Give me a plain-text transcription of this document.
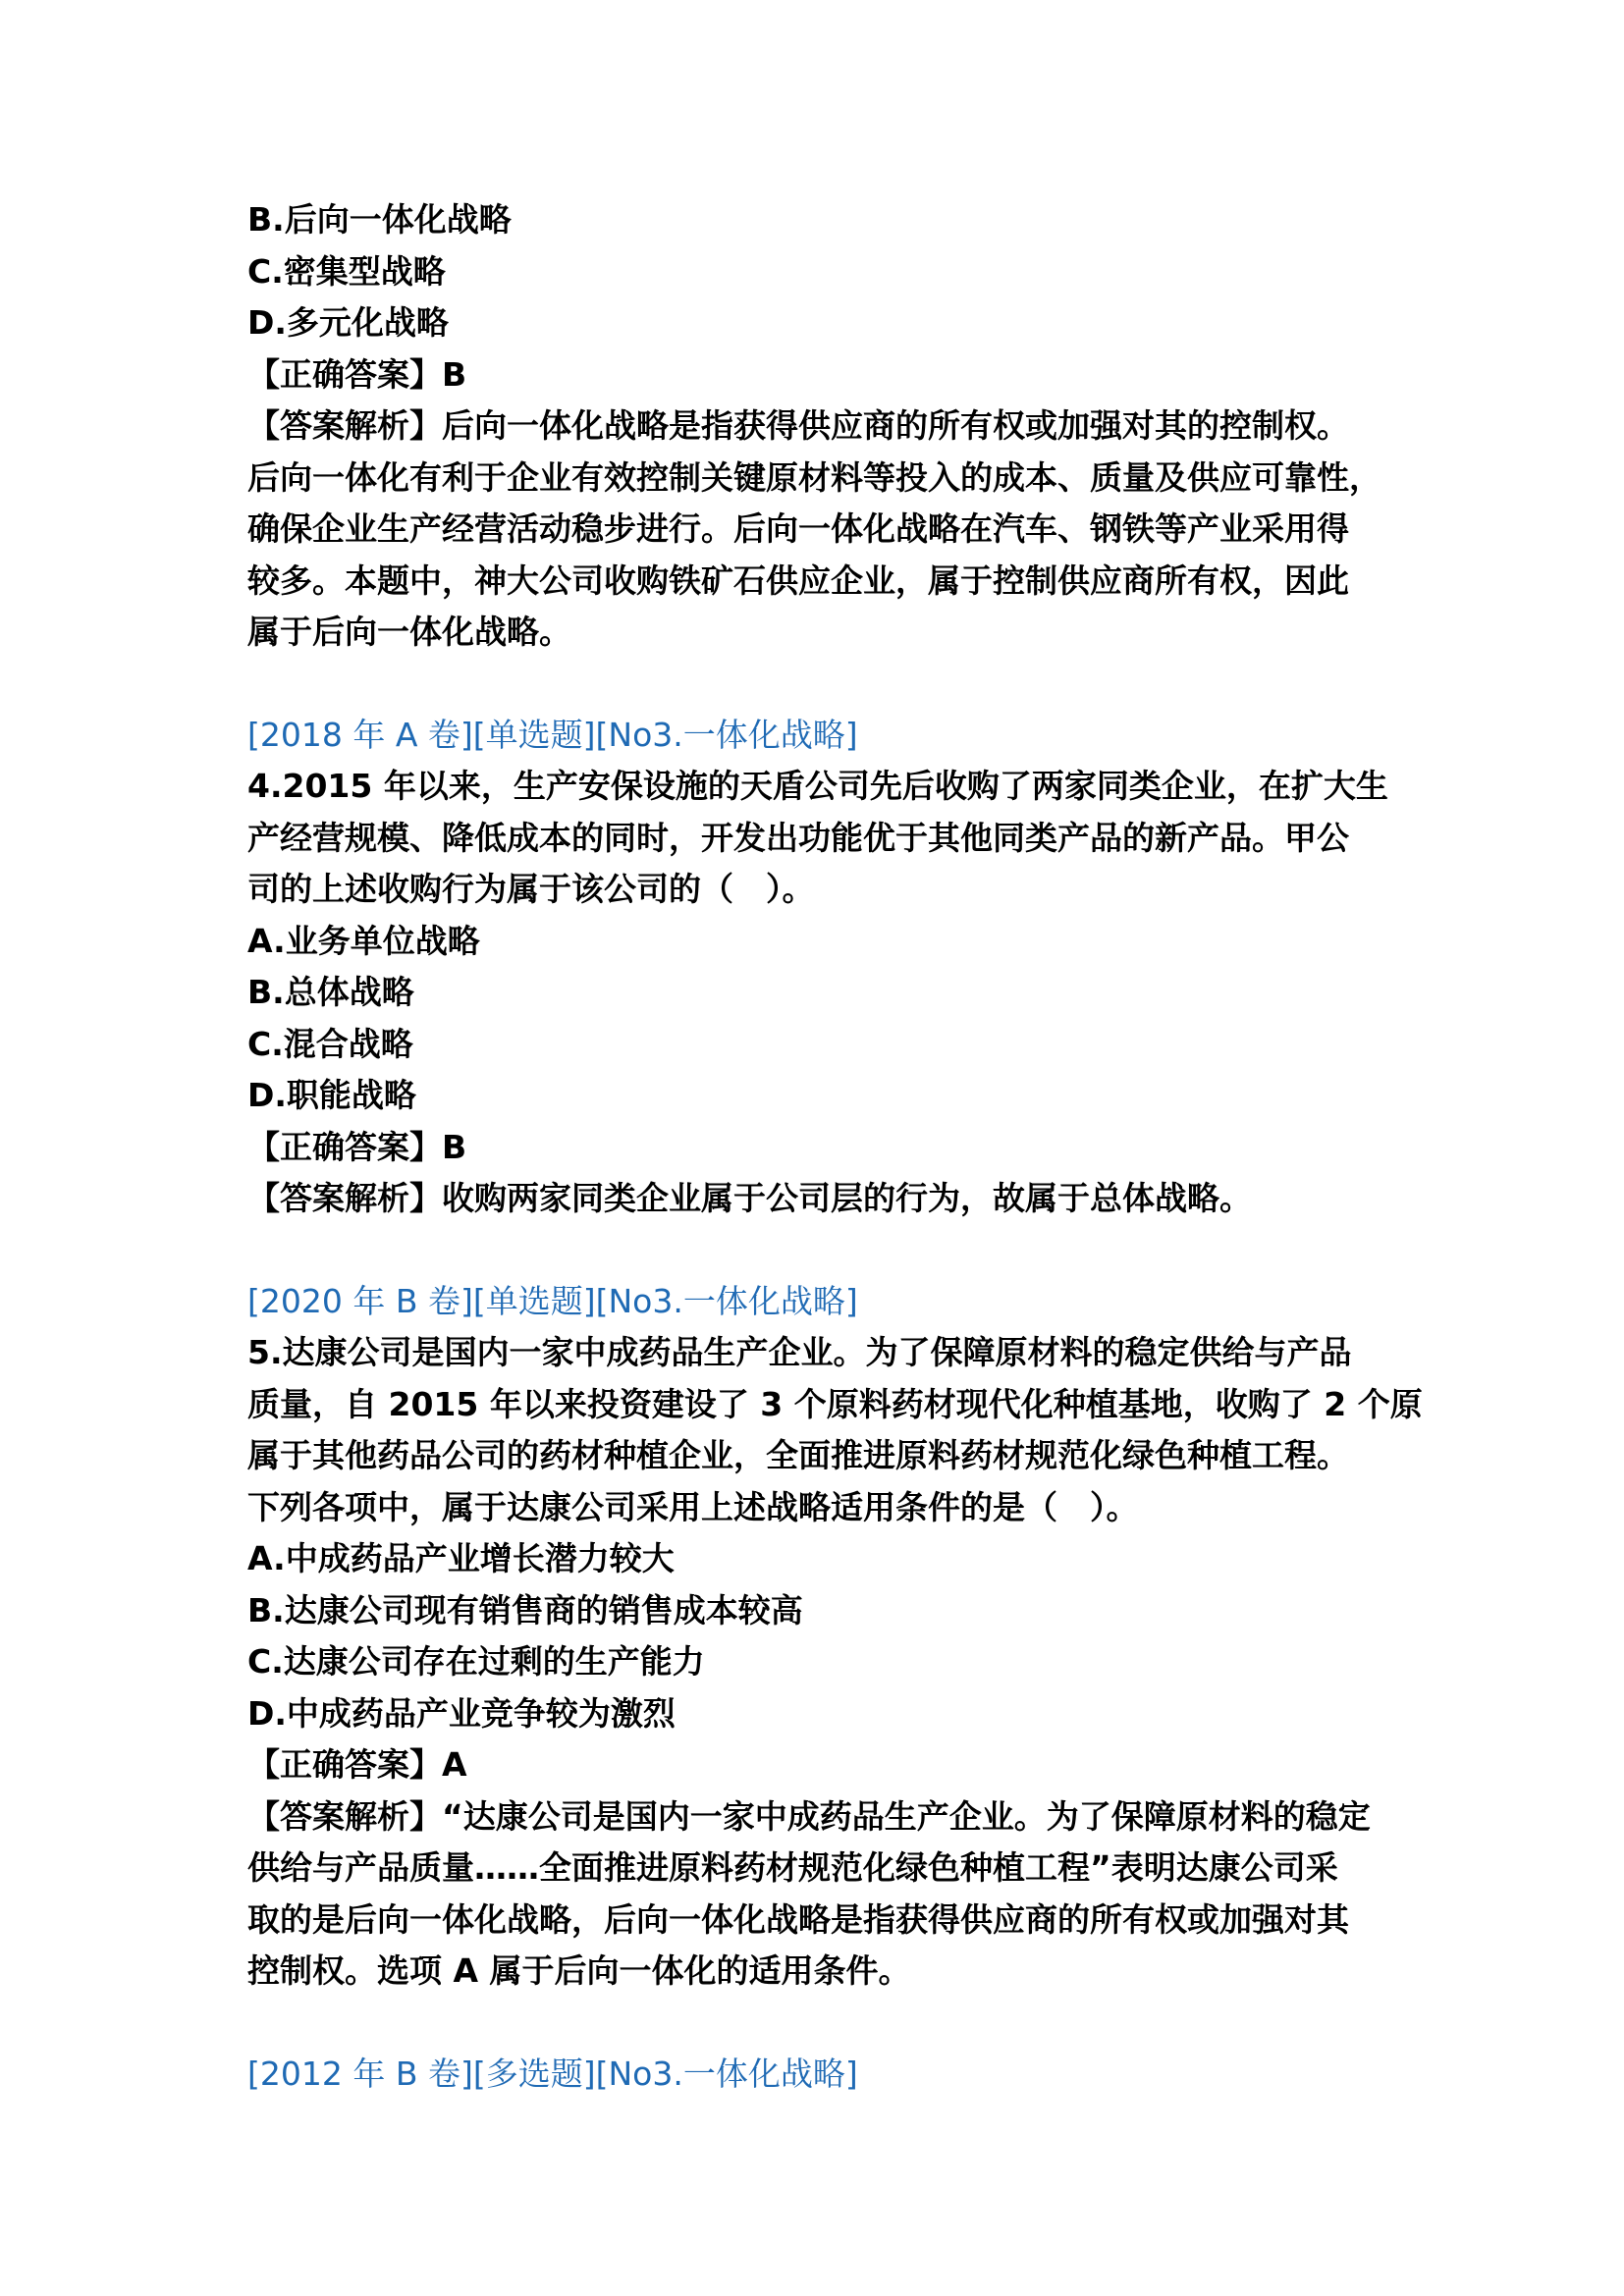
B.后向一体化战略
C.密集型战略
D.多元化战略
【正确答案】B
【答案解析】后向一体化战略是指获得供应商的所有权或加强对其的控制权。
后向一体化有利于企业有效控制关键原材料等投入的成本、质量及供应可靠性，
确保企业生产经营活动稳步进行。后向一体化战略在汽车、钢铁等产业采用得
较多。本题中，神大公司收购铁矿石供应企业，属于控制供应商所有权，因此
属于后向一体化战略。
[2018 年 A 卷][单选题][No3.一体化战略]
4.2015 年以来，生产安保设施的天盾公司先后收购了两家同类企业，在扩大生
产经营规模、降低成本的同时，开发出功能优于其他同类产品的新产品。甲公
司的上述收购行为属于该公司的（　）。
A.业务单位战略
B.总体战略
C.混合战略
D.职能战略
【正确答案】B
【答案解析】收购两家同类企业属于公司层的行为，故属于总体战略。
[2020 年 B 卷][单选题][No3.一体化战略]
5.达康公司是国内一家中成药品生产企业。为了保障原材料的稳定供给与产品
质量，自 2015 年以来投资建设了 3 个原料药材现代化种植基地，收购了 2 个原
属于其他药品公司的药材种植企业，全面推进原料药材规范化绿色种植工程。
下列各项中，属于达康公司采用上述战略适用条件的是（　）。
A.中成药品产业增长潜力较大
B.达康公司现有销售商的销售成本较高
C.达康公司存在过剩的生产能力
D.中成药品产业竞争较为激烈
【正确答案】A
【答案解析】“达康公司是国内一家中成药品生产企业。为了保障原材料的稳定
供给与产品质量……全面推进原料药材规范化绿色种植工程”表明达康公司采
取的是后向一体化战略，后向一体化战略是指获得供应商的所有权或加强对其
控制权。选项 A 属于后向一体化的适用条件。
[2012 年 B 卷][多选题][No3.一体化战略]
